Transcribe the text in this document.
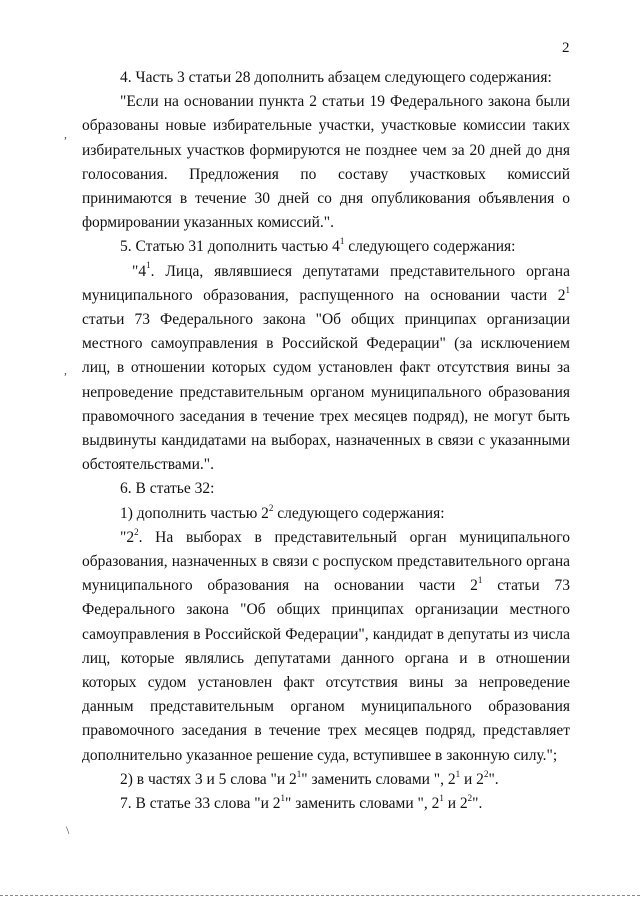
2
,
,
\

4. Часть 3 статьи 28 дополнить абзацем следующего содержания:

"Если на основании пункта 2 статьи 19 Федерального закона были образованы новые избирательные участки, участковые комиссии таких избирательных участков формируются не позднее чем за 20 дней до дня голосования. Предложения по составу участковых комиссий принимаются в течение 30 дней со дня опубликования объявления о формировании указанных комиссий.".

5. Статью 31 дополнить частью $4^1$ следующего содержания:

"$4^1$. Лица, являвшиеся депутатами представительного органа муниципального образования, распущенного на основании части $2^1$ статьи 73 Федерального закона "Об общих принципах организации местного самоуправления в Российской Федерации" (за исключением лиц, в отношении которых судом установлен факт отсутствия вины за непроведение представительным органом муниципального образования правомочного заседания в течение трех месяцев подряд), не могут быть выдвинуты кандидатами на выборах, назначенных в связи с указанными обстоятельствами.".

6. В статье 32:

1) дополнить частью $2^2$ следующего содержания:

"$2^2$. На выборах в представительный орган муниципального образования, назначенных в связи с роспуском представительного органа муниципального образования на основании части $2^1$ статьи 73 Федерального закона "Об общих принципах организации местного самоуправления в Российской Федерации", кандидат в депутаты из числа лиц, которые являлись депутатами данного органа и в отношении которых судом установлен факт отсутствия вины за непроведение данным представительным органом муниципального образования правомочного заседания в течение трех месяцев подряд, представляет дополнительно указанное решение суда, вступившее в законную силу.";

2) в частях 3 и 5 слова "и $2^1$" заменить словами ", $2^1$ и $2^2$".

7. В статье 33 слова "и $2^1$" заменить словами ", $2^1$ и $2^2$".
